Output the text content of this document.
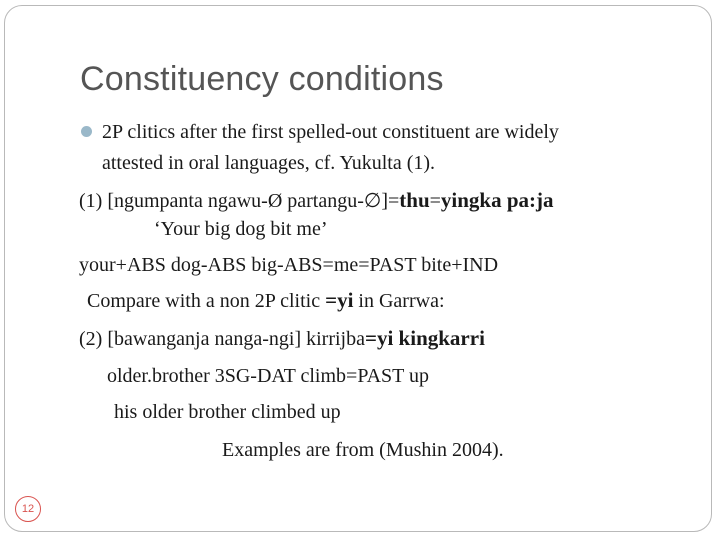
Constituency conditions
2P clitics after the first spelled-out constituent are widely
attested in oral languages, cf. Yukulta (1).
(1) [ngumpanta ngawu-Ø partangu-∅]=thu=yingka pa:ja
‘Your big dog bit me’
your+ABS dog-ABS big-ABS=me=PAST bite+IND
Compare with a non 2P clitic =yi in Garrwa:
(2) [bawanganja nanga-ngi] kirrijba=yi kingkarri
older.brother 3SG-DAT climb=PAST up
his older brother climbed up
Examples are from (Mushin 2004).
12
